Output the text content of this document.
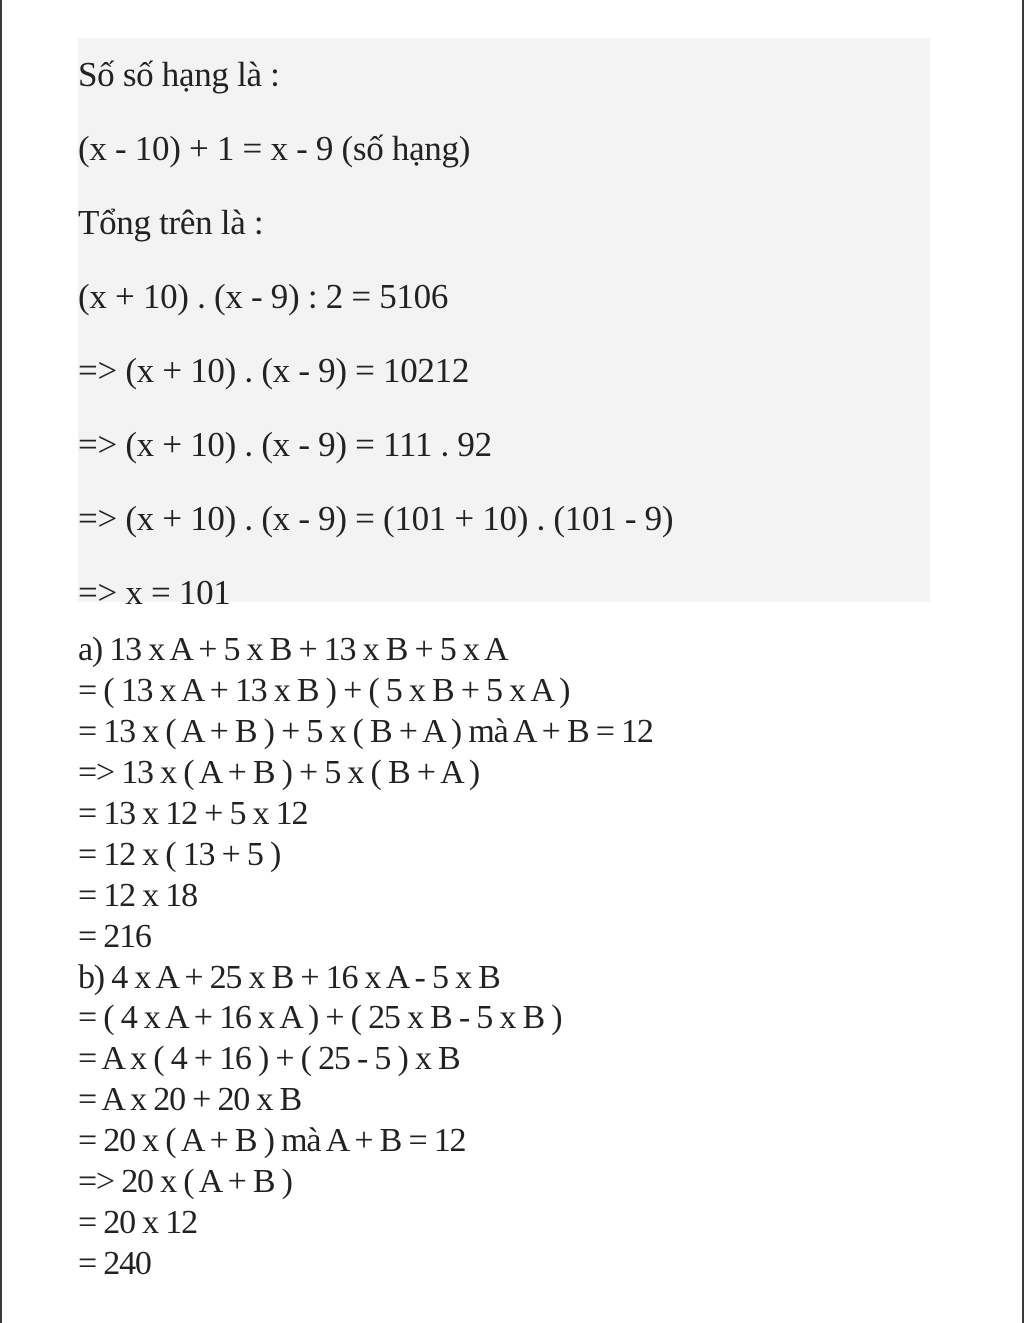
Số số hạng là :

(x - 10) + 1 = x - 9 (số hạng)

Tổng trên là :

(x + 10) . (x - 9) : 2 = 5106

=> (x + 10) . (x - 9) = 10212

=> (x + 10) . (x - 9) = 111 . 92

=> (x + 10) . (x - 9) = (101 + 10) . (101 - 9)

=> x = 101

a) 13 x A + 5 x B + 13 x B + 5 x A

= ( 13 x A + 13 x B ) + ( 5 x B + 5 x A )

= 13 x ( A + B ) + 5 x ( B + A ) mà A + B = 12

=> 13 x ( A + B ) + 5 x ( B + A )

= 13 x 12 + 5 x 12

= 12 x ( 13 + 5 )

= 12 x 18

= 216

b) 4 x A + 25 x B + 16 x A - 5 x B

= ( 4 x A + 16 x A ) + ( 25 x B - 5 x B )

= A x ( 4 + 16 ) + ( 25 - 5 ) x B

= A x 20 + 20 x B

= 20 x ( A + B ) mà A + B = 12

=> 20 x ( A + B )

= 20 x 12

= 240
